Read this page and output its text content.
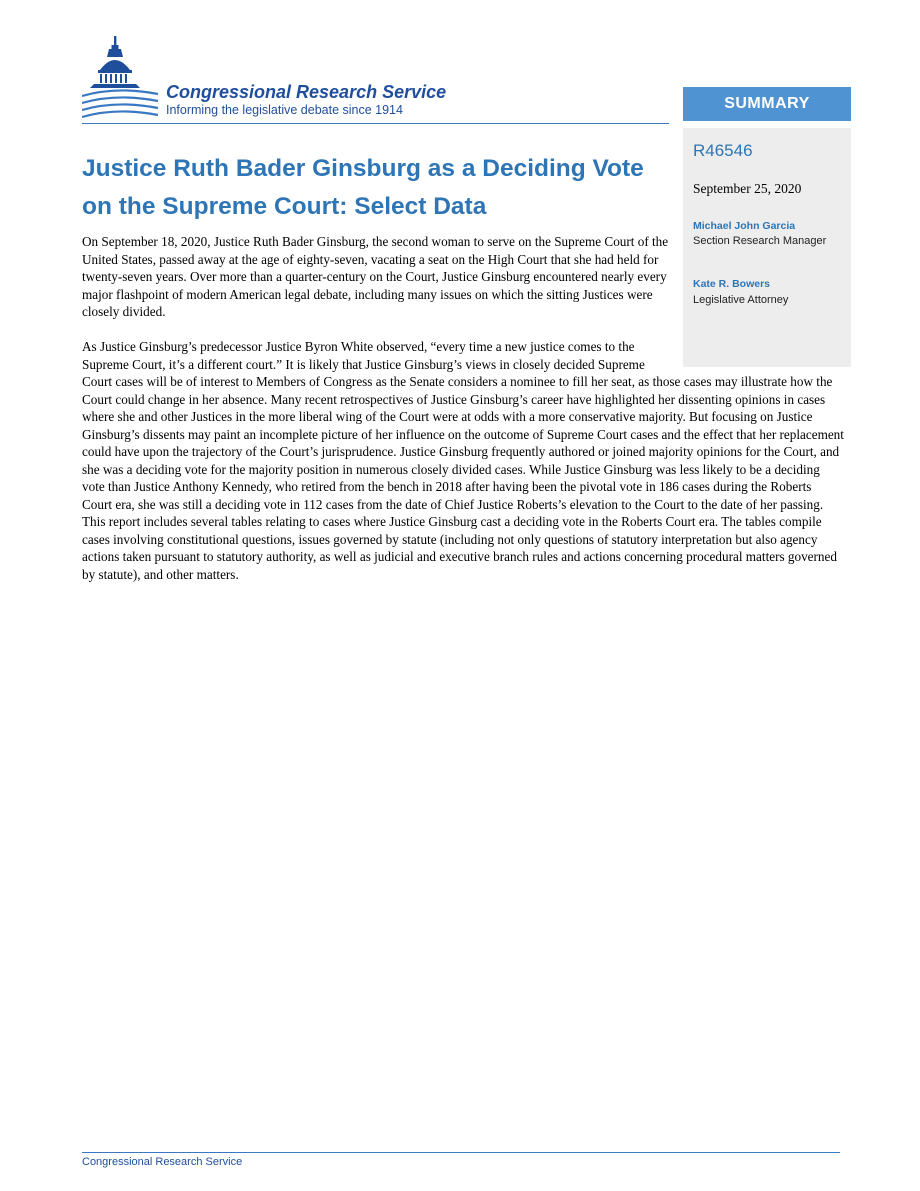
Congressional Research Service
Informing the legislative debate since 1914	SUMMARY
R46546
September 25, 2020
Michael John Garcia
Section Research Manager
Kate R. Bowers
Legislative Attorney
Justice Ruth Bader Ginsburg as a Deciding Vote
on the Supreme Court: Select Data

On September 18, 2020, Justice Ruth Bader Ginsburg, the second woman to serve on the Supreme Court of the United States, passed away at the age of eighty-seven, vacating a seat on the High Court that she had held for twenty-seven years. Over more than a quarter-century on the Court, Justice Ginsburg encountered nearly every major flashpoint of modern American legal debate, including many issues on which the sitting Justices were closely divided.

As Justice Ginsburg’s predecessor Justice Byron White observed, “every time a new justice comes to the Supreme Court, it’s a different court.” It is likely that Justice Ginsburg’s views in closely decided Supreme Court cases will be of interest to Members of Congress as the Senate considers a nominee to fill her seat, as those cases may illustrate how the Court could change in her absence. Many recent retrospectives of Justice Ginsburg’s career have highlighted her dissenting opinions in cases where she and other Justices in the more liberal wing of the Court were at odds with a more conservative majority. But focusing on Justice Ginsburg’s dissents may paint an incomplete picture of her influence on the outcome of Supreme Court cases and the effect that her replacement could have upon the trajectory of the Court’s jurisprudence. Justice Ginsburg frequently authored or joined majority opinions for the Court, and she was a deciding vote for the majority position in numerous closely divided cases. While Justice Ginsburg was less likely to be a deciding vote than Justice Anthony Kennedy, who retired from the bench in 2018 after having been the pivotal vote in 186 cases during the Roberts Court era, she was still a deciding vote in 112 cases from the date of Chief Justice Roberts’s elevation to the Court to the date of her passing. This report includes several tables relating to cases where Justice Ginsburg cast a deciding vote in the Roberts Court era. The tables compile cases involving constitutional questions, issues governed by statute (including not only questions of statutory interpretation but also agency actions taken pursuant to statutory authority, as well as judicial and executive branch rules and actions concerning procedural matters governed by statute), and other matters.
Congressional Research Service
